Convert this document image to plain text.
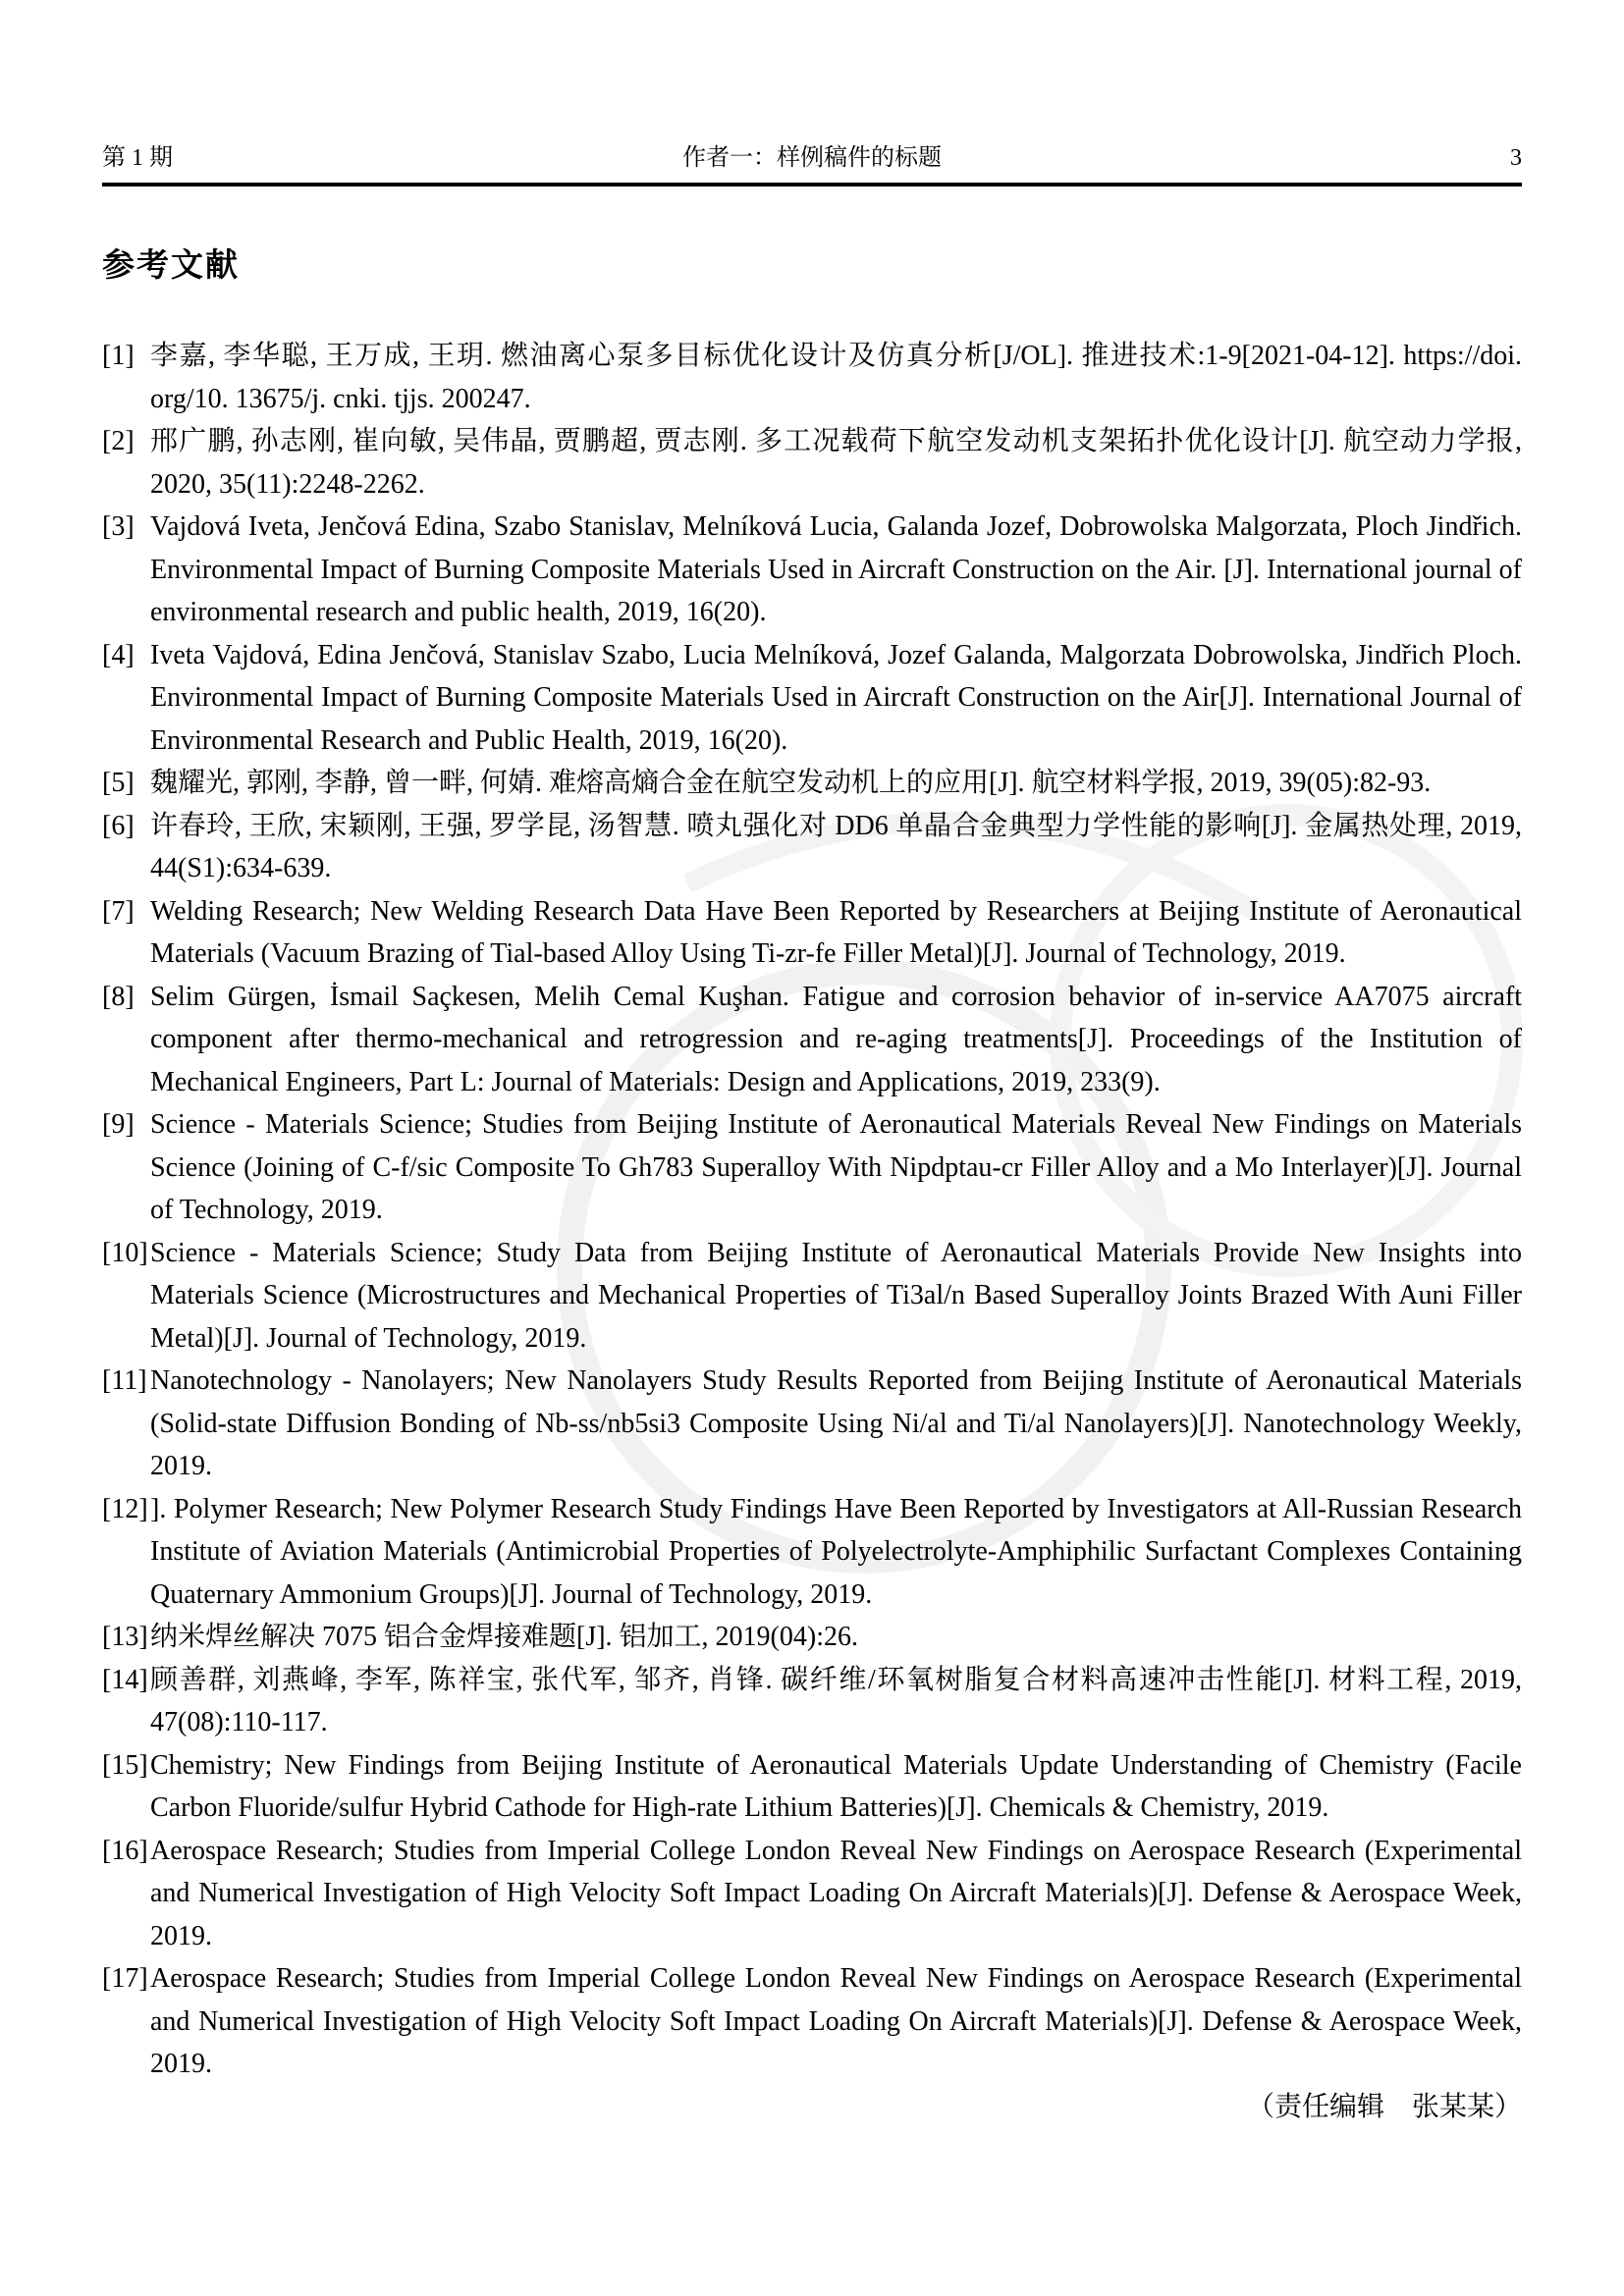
第 1 期	作者一：样例稿件的标题	3
参考文献
[1] 李嘉, 李华聪, 王万成, 王玥. 燃油离心泵多目标优化设计及仿真分析[J/OL]. 推进技术:1-9[2021-04-12]. https://doi. org/10. 13675/j. cnki. tjjs. 200247.
[2] 邢广鹏, 孙志刚, 崔向敏, 吴伟晶, 贾鹏超, 贾志刚. 多工况载荷下航空发动机支架拓扑优化设计[J]. 航空动力学报, 2020, 35(11):2248-2262.
[3] Vajdová Iveta, Jenčová Edina, Szabo Stanislav, Melníková Lucia, Galanda Jozef, Dobrowolska Malgorzata, Ploch Jindřich. Environmental Impact of Burning Composite Materials Used in Aircraft Construction on the Air. [J]. International journal of environmental research and public health, 2019, 16(20).
[4] Iveta Vajdová, Edina Jenčová, Stanislav Szabo, Lucia Melníková, Jozef Galanda, Malgorzata Dobrowolska, Jindřich Ploch. Environmental Impact of Burning Composite Materials Used in Aircraft Construction on the Air[J]. International Journal of Environmental Research and Public Health, 2019, 16(20).
[5] 魏耀光, 郭刚, 李静, 曾一畔, 何婧. 难熔高熵合金在航空发动机上的应用[J]. 航空材料学报, 2019, 39(05):82-93.
[6] 许春玲, 王欣, 宋颖刚, 王强, 罗学昆, 汤智慧. 喷丸强化对 DD6 单晶合金典型力学性能的影响[J]. 金属热处理, 2019, 44(S1):634-639.
[7] Welding Research; New Welding Research Data Have Been Reported by Researchers at Beijing Institute of Aeronautical Materials (Vacuum Brazing of Tial-based Alloy Using Ti-zr-fe Filler Metal)[J]. Journal of Technology, 2019.
[8] Selim Gürgen, İsmail Saçkesen, Melih Cemal Kuşhan. Fatigue and corrosion behavior of in-service AA7075 aircraft component after thermo-mechanical and retrogression and re-aging treatments[J]. Proceedings of the Institution of Mechanical Engineers, Part L: Journal of Materials: Design and Applications, 2019, 233(9).
[9] Science - Materials Science; Studies from Beijing Institute of Aeronautical Materials Reveal New Findings on Materials Science (Joining of C-f/sic Composite To Gh783 Superalloy With Nipdptau-cr Filler Alloy and a Mo Interlayer)[J]. Journal of Technology, 2019.
[10] Science - Materials Science; Study Data from Beijing Institute of Aeronautical Materials Provide New Insights into Materials Science (Microstructures and Mechanical Properties of Ti3al/n Based Superalloy Joints Brazed With Auni Filler Metal)[J]. Journal of Technology, 2019.
[11] Nanotechnology - Nanolayers; New Nanolayers Study Results Reported from Beijing Institute of Aeronautical Materials (Solid-state Diffusion Bonding of Nb-ss/nb5si3 Composite Using Ni/al and Ti/al Nanolayers)[J]. Nanotechnology Weekly, 2019.
[12] ]. Polymer Research; New Polymer Research Study Findings Have Been Reported by Investigators at All-Russian Research Institute of Aviation Materials (Antimicrobial Properties of Polyelectrolyte-Amphiphilic Surfactant Complexes Containing Quaternary Ammonium Groups)[J]. Journal of Technology, 2019.
[13] 纳米焊丝解决 7075 铝合金焊接难题[J]. 铝加工, 2019(04):26.
[14] 顾善群, 刘燕峰, 李军, 陈祥宝, 张代军, 邹齐, 肖锋. 碳纤维/环氧树脂复合材料高速冲击性能[J]. 材料工程, 2019, 47(08):110-117.
[15] Chemistry; New Findings from Beijing Institute of Aeronautical Materials Update Understanding of Chemistry (Facile Carbon Fluoride/sulfur Hybrid Cathode for High-rate Lithium Batteries)[J]. Chemicals & Chemistry, 2019.
[16] Aerospace Research; Studies from Imperial College London Reveal New Findings on Aerospace Research (Experimental and Numerical Investigation of High Velocity Soft Impact Loading On Aircraft Materials)[J]. Defense & Aerospace Week, 2019.
[17] Aerospace Research; Studies from Imperial College London Reveal New Findings on Aerospace Research (Experimental and Numerical Investigation of High Velocity Soft Impact Loading On Aircraft Materials)[J]. Defense & Aerospace Week, 2019.
（责任编辑　张某某）
